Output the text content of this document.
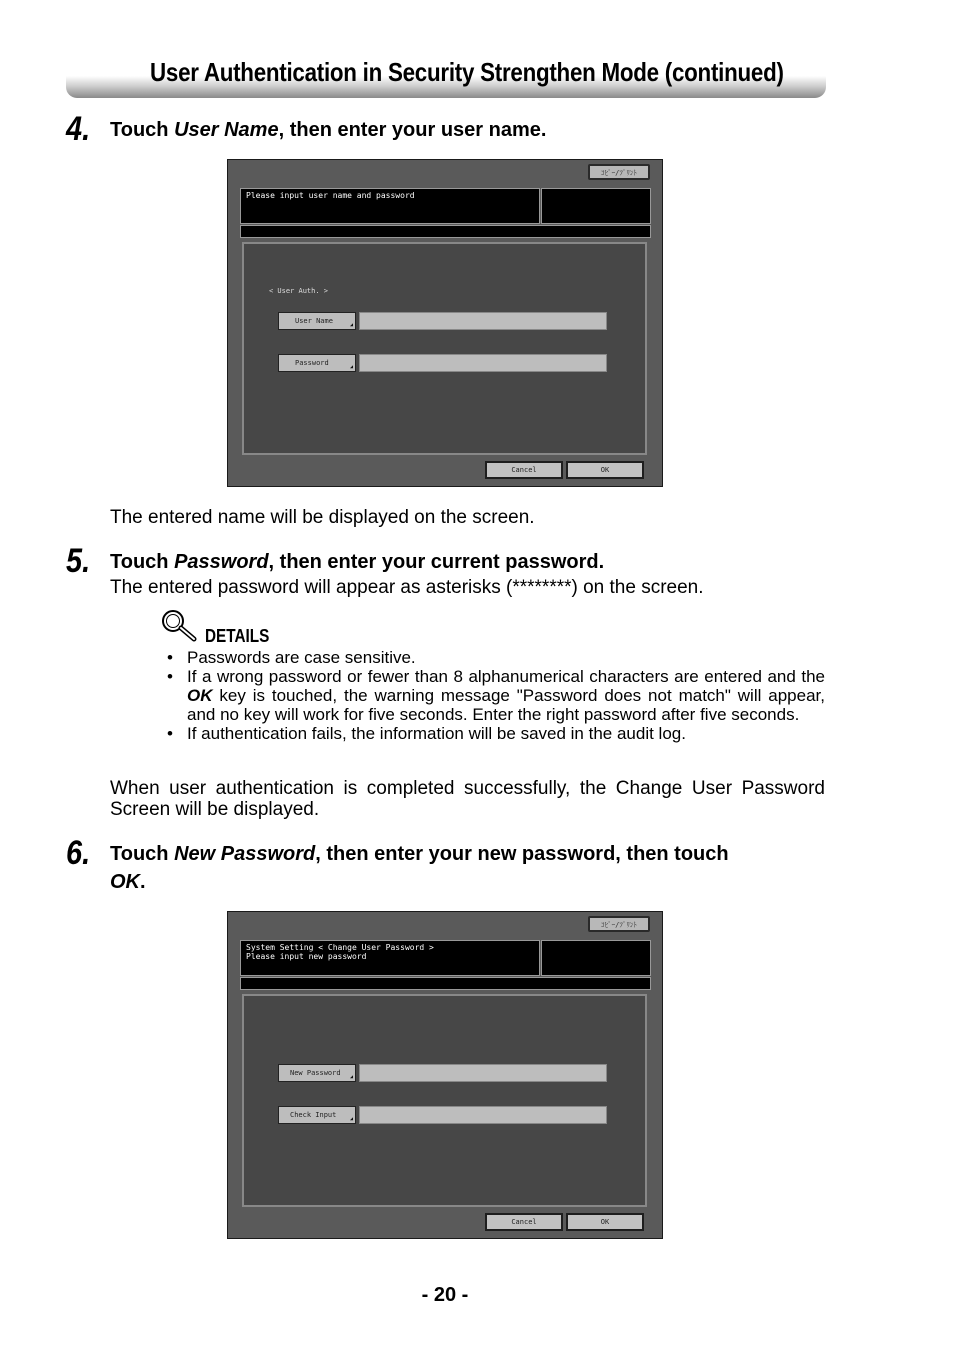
User Authentication in Security Strengthen Mode (continued)
4. Touch User Name, then enter your user name.
ｺﾋﾟｰ/ﾌﾟﾘﾝﾄ
Please input user name and password
< User Auth. >
User Name	◢
Password	◢
Cancel	OK
The entered name will be displayed on the screen.
5. Touch Password, then enter your current password.
The entered password will appear as asterisks (********) on the screen.
DETAILS
• Passwords are case sensitive.
• If a wrong password or fewer than 8 alphanumerical characters are entered and the OK key is touched, the warning message "Password does not match" will appear, and no key will work for five seconds. Enter the right password after five seconds.
• If authentication fails, the information will be saved in the audit log.
When user authentication is completed successfully, the Change User Password Screen will be displayed.
6. Touch New Password, then enter your new password, then touch
OK.
ｺﾋﾟｰ/ﾌﾟﾘﾝﾄ
System Setting < Change User Password >
Please input new password
New Password ◢
Check Input	◢
Cancel	OK
- 20 -
